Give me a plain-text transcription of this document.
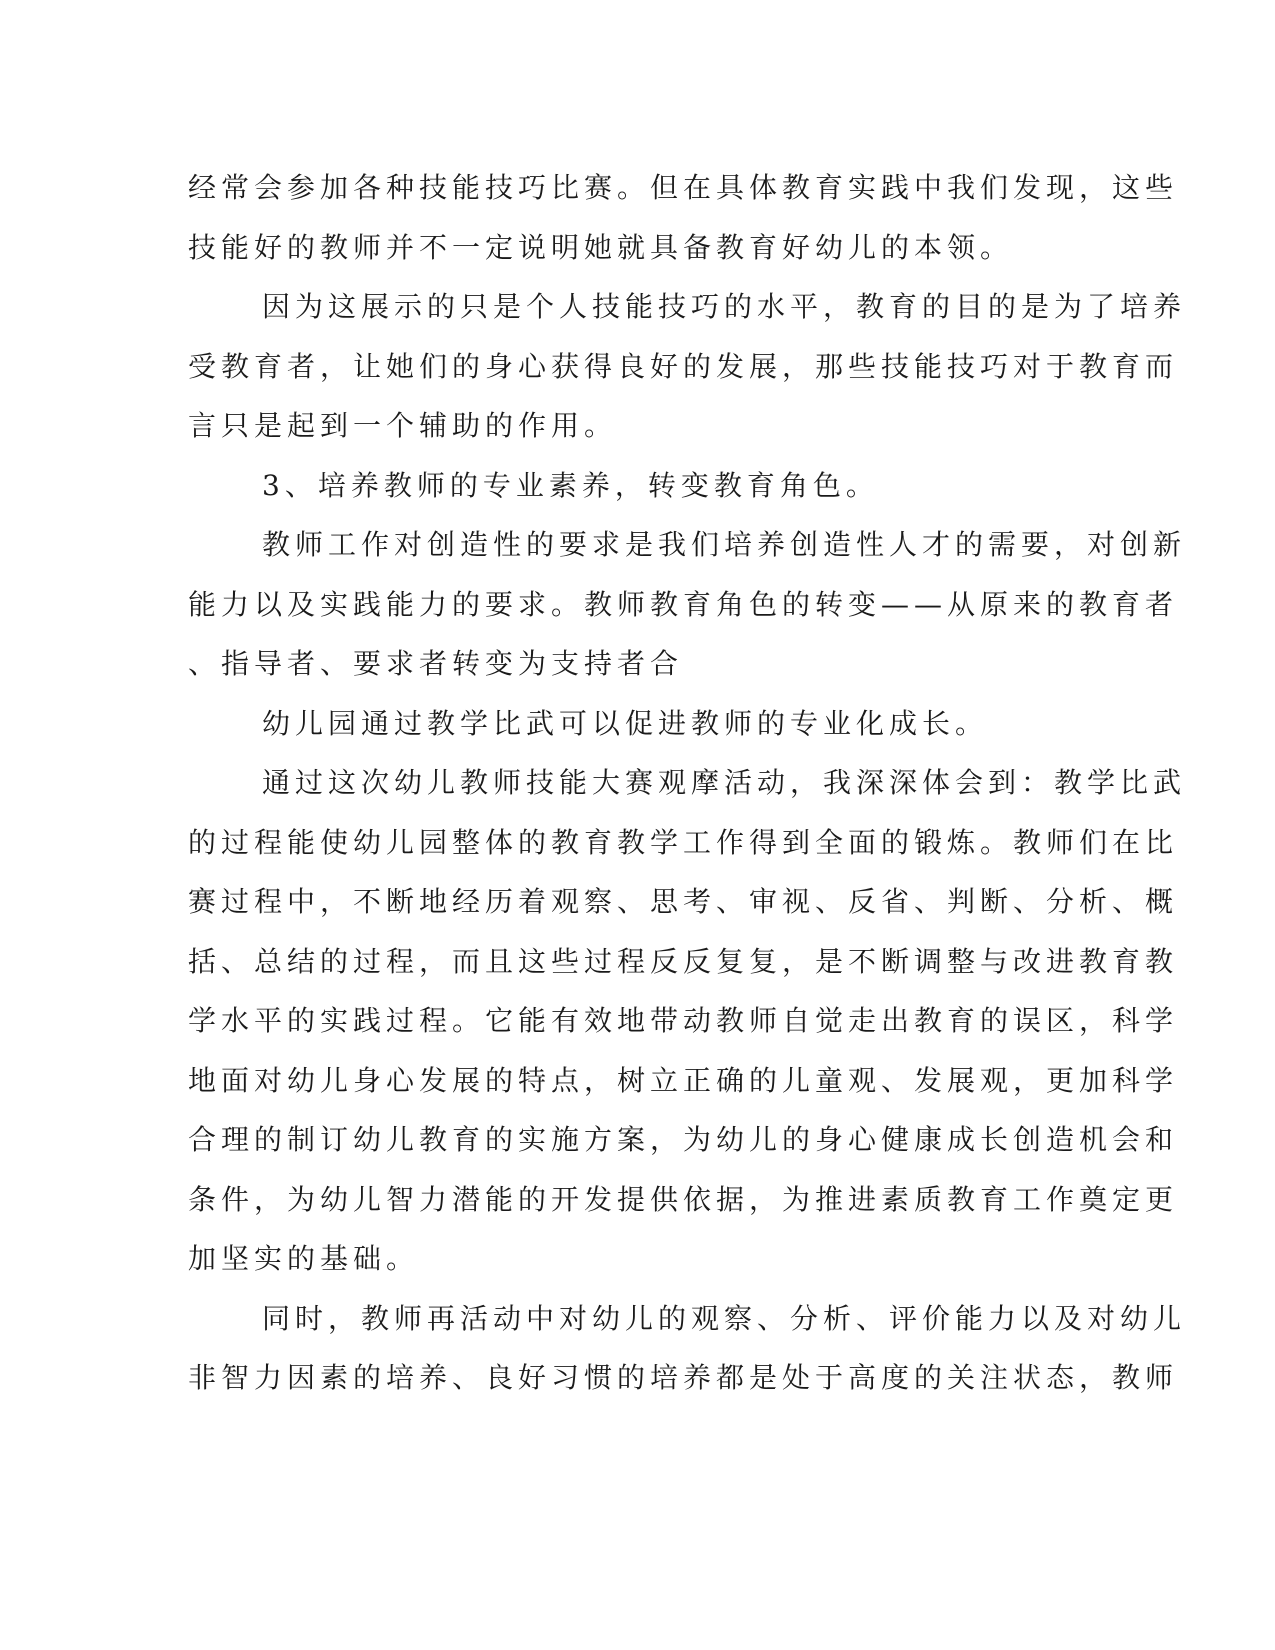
经常会参加各种技能技巧比赛。但在具体教育实践中我们发现，这些
技能好的教师并不一定说明她就具备教育好幼儿的本领。
因为这展示的只是个人技能技巧的水平，教育的目的是为了培养
受教育者，让她们的身心获得良好的发展，那些技能技巧对于教育而
言只是起到一个辅助的作用。
3、培养教师的专业素养，转变教育角色。
教师工作对创造性的要求是我们培养创造性人才的需要，对创新
能力以及实践能力的要求。教师教育角色的转变——从原来的教育者
、指导者、要求者转变为支持者合
幼儿园通过教学比武可以促进教师的专业化成长。
通过这次幼儿教师技能大赛观摩活动，我深深体会到：教学比武
的过程能使幼儿园整体的教育教学工作得到全面的锻炼。教师们在比
赛过程中，不断地经历着观察、思考、审视、反省、判断、分析、概
括、总结的过程，而且这些过程反反复复，是不断调整与改进教育教
学水平的实践过程。它能有效地带动教师自觉走出教育的误区，科学
地面对幼儿身心发展的特点，树立正确的儿童观、发展观，更加科学
合理的制订幼儿教育的实施方案，为幼儿的身心健康成长创造机会和
条件，为幼儿智力潜能的开发提供依据，为推进素质教育工作奠定更
加坚实的基础。
同时，教师再活动中对幼儿的观察、分析、评价能力以及对幼儿
非智力因素的培养、良好习惯的培养都是处于高度的关注状态，教师
